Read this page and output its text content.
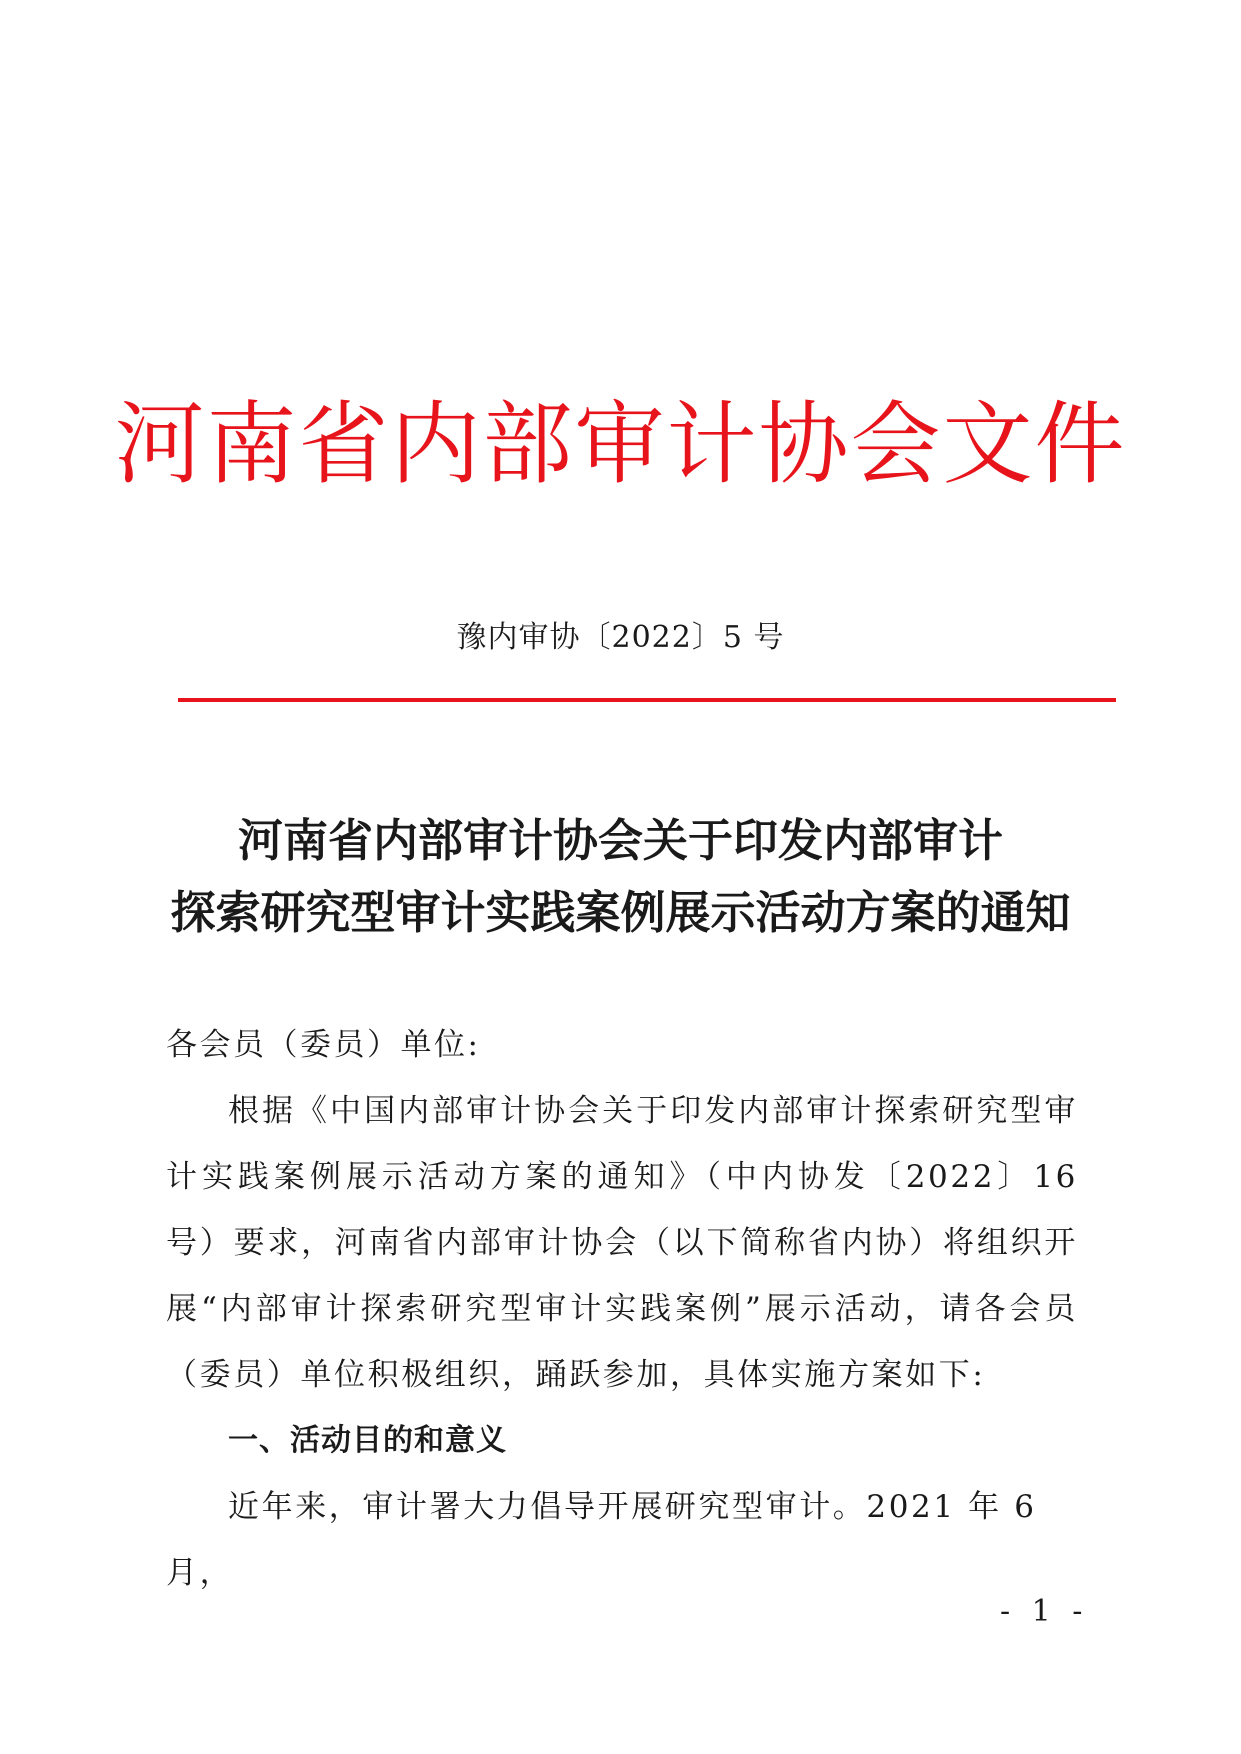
河南省内部审计协会文件
豫内审协〔2022〕5 号
河南省内部审计协会关于印发内部审计
探索研究型审计实践案例展示活动方案的通知
各会员（委员）单位:
根据《中国内部审计协会关于印发内部审计探索研究型审计实践案例展示活动方案的通知》（中内协发〔2022〕16 号）要求，河南省内部审计协会（以下简称省内协）将组织开展“内部审计探索研究型审计实践案例”展示活动，请各会员（委员）单位积极组织，踊跃参加，具体实施方案如下:
一、活动目的和意义
近年来，审计署大力倡导开展研究型审计。2021 年 6 月，
- 1 -
